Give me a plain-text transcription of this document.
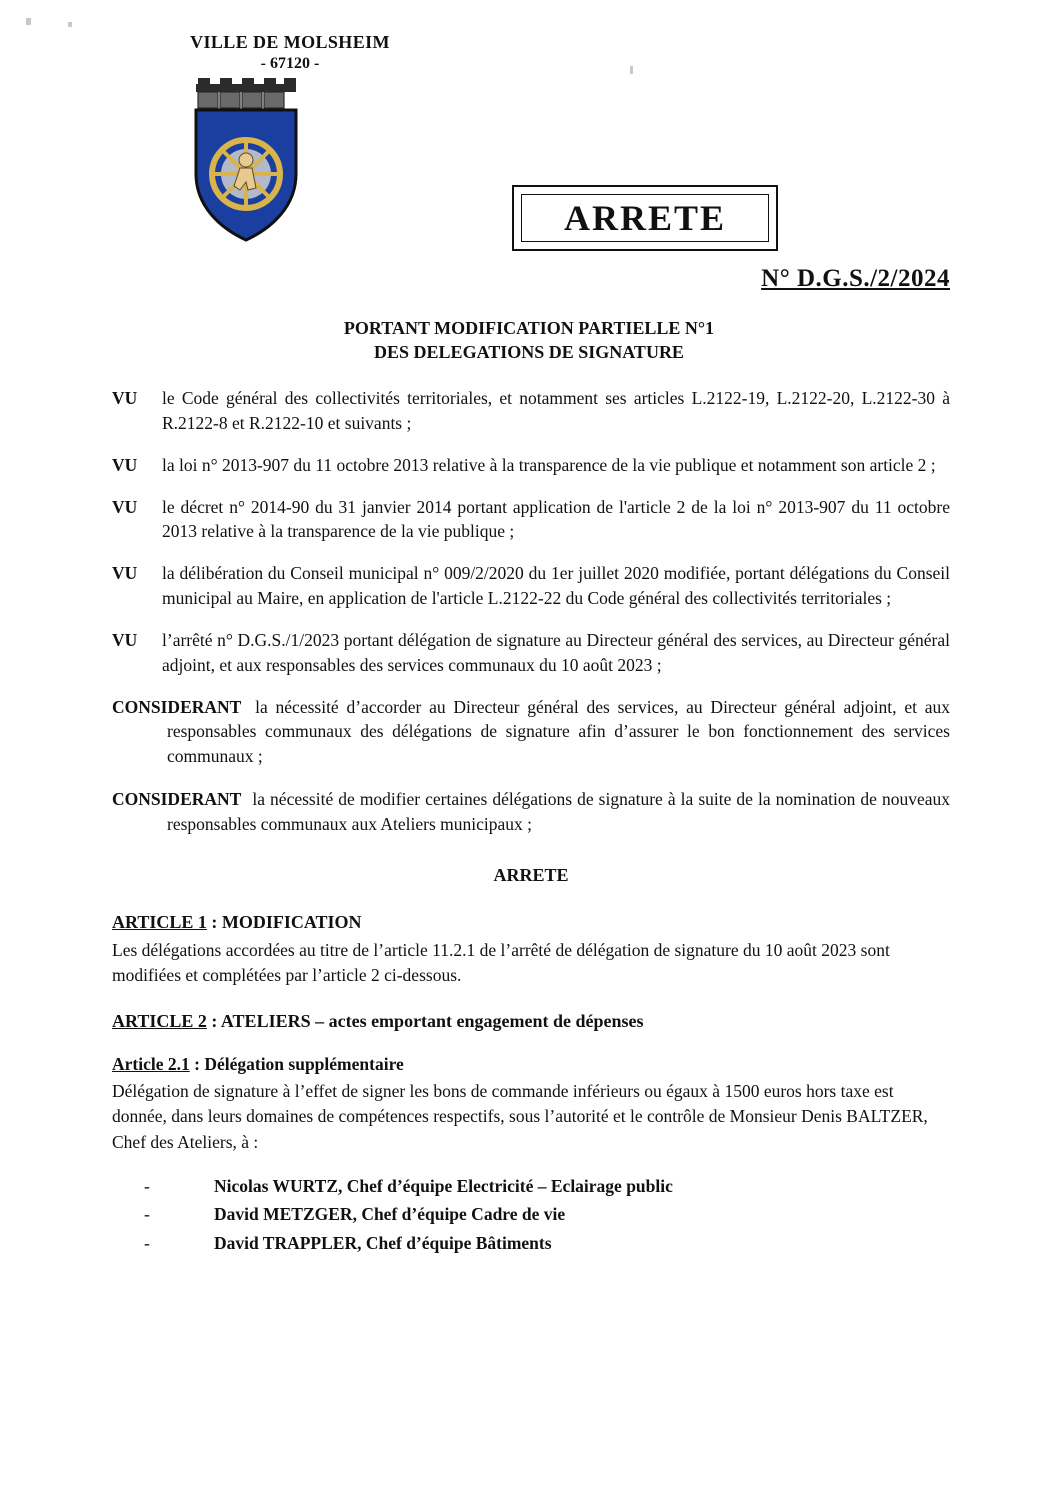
VILLE DE MOLSHEIM
- 67120 -
ARRETE
N° D.G.S./2/2024
PORTANT MODIFICATION PARTIELLE N°1
DES DELEGATIONS DE SIGNATURE
VU	le Code général des collectivités territoriales, et notamment ses articles L.2122-19, L.2122-20, L.2122-30 à R.2122-8 et R.2122-10 et suivants ;
VU	la loi n° 2013-907 du 11 octobre 2013 relative à la transparence de la vie publique et notamment son article 2 ;
VU	le décret n° 2014-90 du 31 janvier 2014 portant application de l'article 2 de la loi n° 2013-907 du 11 octobre 2013 relative à la transparence de la vie publique ;
VU	la délibération du Conseil municipal n° 009/2/2020 du 1er juillet 2020 modifiée, portant délégations du Conseil municipal au Maire, en application de l'article L.2122-22 du Code général des collectivités territoriales ;
VU	l’arrêté n° D.G.S./1/2023 portant délégation de signature au Directeur général des services, au Directeur général adjoint, et aux responsables des services communaux du 10 août 2023 ;
CONSIDERANT la nécessité d’accorder au Directeur général des services, au Directeur général adjoint, et aux responsables communaux des délégations de signature afin d’assurer le bon fonctionnement des services communaux ;
CONSIDERANT la nécessité de modifier certaines délégations de signature à la suite de la nomination de nouveaux responsables communaux aux Ateliers municipaux ;
ARRETE
ARTICLE 1 : MODIFICATION
Les délégations accordées au titre de l’article 11.2.1 de l’arrêté de délégation de signature du 10 août 2023 sont modifiées et complétées par l’article 2 ci-dessous.
ARTICLE 2 : ATELIERS – actes emportant engagement de dépenses
Article 2.1 : Délégation supplémentaire
Délégation de signature à l’effet de signer les bons de commande inférieurs ou égaux à 1500 euros hors taxe est donnée, dans leurs domaines de compétences respectifs, sous l’autorité et le contrôle de Monsieur Denis BALTZER, Chef des Ateliers, à :
-	Nicolas WURTZ, Chef d’équipe Electricité – Eclairage public
-	David METZGER, Chef d’équipe Cadre de vie
-	David TRAPPLER, Chef d’équipe Bâtiments
